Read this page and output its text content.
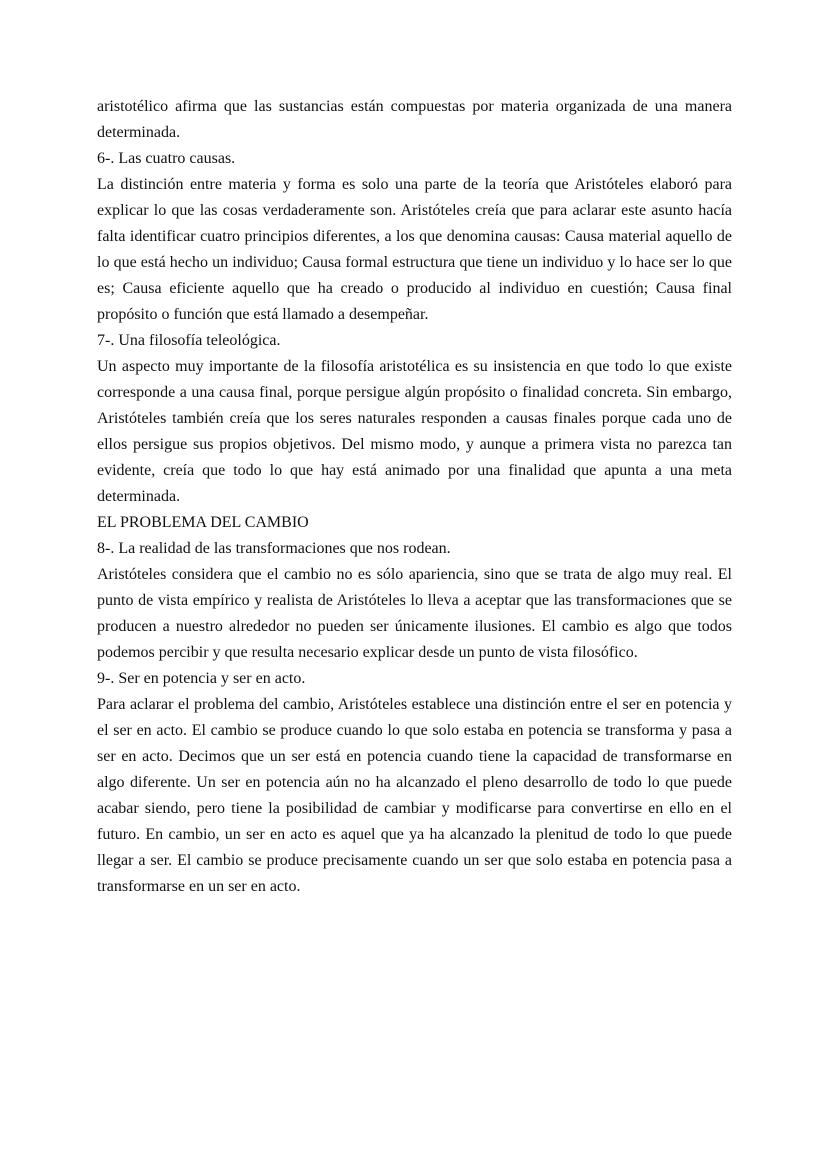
aristotélico afirma que las sustancias están compuestas por materia organizada de una manera determinada.

6-. Las cuatro causas.

La distinción entre materia y forma es solo una parte de la teoría que Aristóteles elaboró para explicar lo que las cosas verdaderamente son. Aristóteles creía que para aclarar este asunto hacía falta identificar cuatro principios diferentes, a los que denomina causas: Causa material aquello de lo que está hecho un individuo; Causa formal estructura que tiene un individuo y lo hace ser lo que es; Causa eficiente aquello que ha creado o producido al individuo en cuestión; Causa final propósito o función que está llamado a desempeñar.

7-. Una filosofía teleológica.

Un aspecto muy importante de la filosofía aristotélica es su insistencia en que todo lo que existe corresponde a una causa final, porque persigue algún propósito o finalidad concreta. Sin embargo, Aristóteles también creía que los seres naturales responden a causas finales porque cada uno de ellos persigue sus propios objetivos. Del mismo modo, y aunque a primera vista no parezca tan evidente, creía que todo lo que hay está animado por una finalidad que apunta a una meta determinada.

EL PROBLEMA DEL CAMBIO

8-. La realidad de las transformaciones que nos rodean.

Aristóteles considera que el cambio no es sólo apariencia, sino que se trata de algo muy real. El punto de vista empírico y realista de Aristóteles lo lleva a aceptar que las transformaciones que se producen a nuestro alrededor no pueden ser únicamente ilusiones. El cambio es algo que todos podemos percibir y que resulta necesario explicar desde un punto de vista filosófico.

9-. Ser en potencia y ser en acto.

Para aclarar el problema del cambio, Aristóteles establece una distinción entre el ser en potencia y el ser en acto. El cambio se produce cuando lo que solo estaba en potencia se transforma y pasa a ser en acto. Decimos que un ser está en potencia cuando tiene la capacidad de transformarse en algo diferente. Un ser en potencia aún no ha alcanzado el pleno desarrollo de todo lo que puede acabar siendo, pero tiene la posibilidad de cambiar y modificarse para convertirse en ello en el futuro. En cambio, un ser en acto es aquel que ya ha alcanzado la plenitud de todo lo que puede llegar a ser. El cambio se produce precisamente cuando un ser que solo estaba en potencia pasa a transformarse en un ser en acto.
